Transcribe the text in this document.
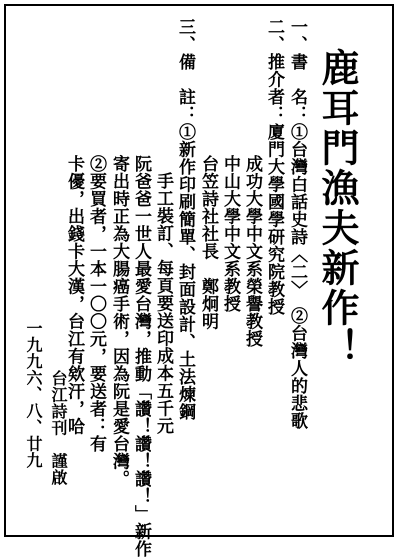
鹿耳門漁夫新作！
一、書　名：①台灣白話史詩〈二〉　②台灣人的悲歌
二、推介者：廈門大學國學研究院教授
成功大學中文系榮譽教授
中山大學中文系教授
台笠詩社社長　鄭炯明
三、備　註：①新作印刷簡單、封面設計、土法煉鋼
手工裝訂、每頁要送印成本五千元
阮爸爸一世人最愛台灣，推動「讚！讚！讚！」新作
寄出時正為大腸癌手術，因為阮是愛台灣。
②要買者，一本一〇〇元，要送者：有
卡優，出錢卡大漢，台江有欸汗，哈
台江詩刊　謹啟
一九九六、八、廿九
